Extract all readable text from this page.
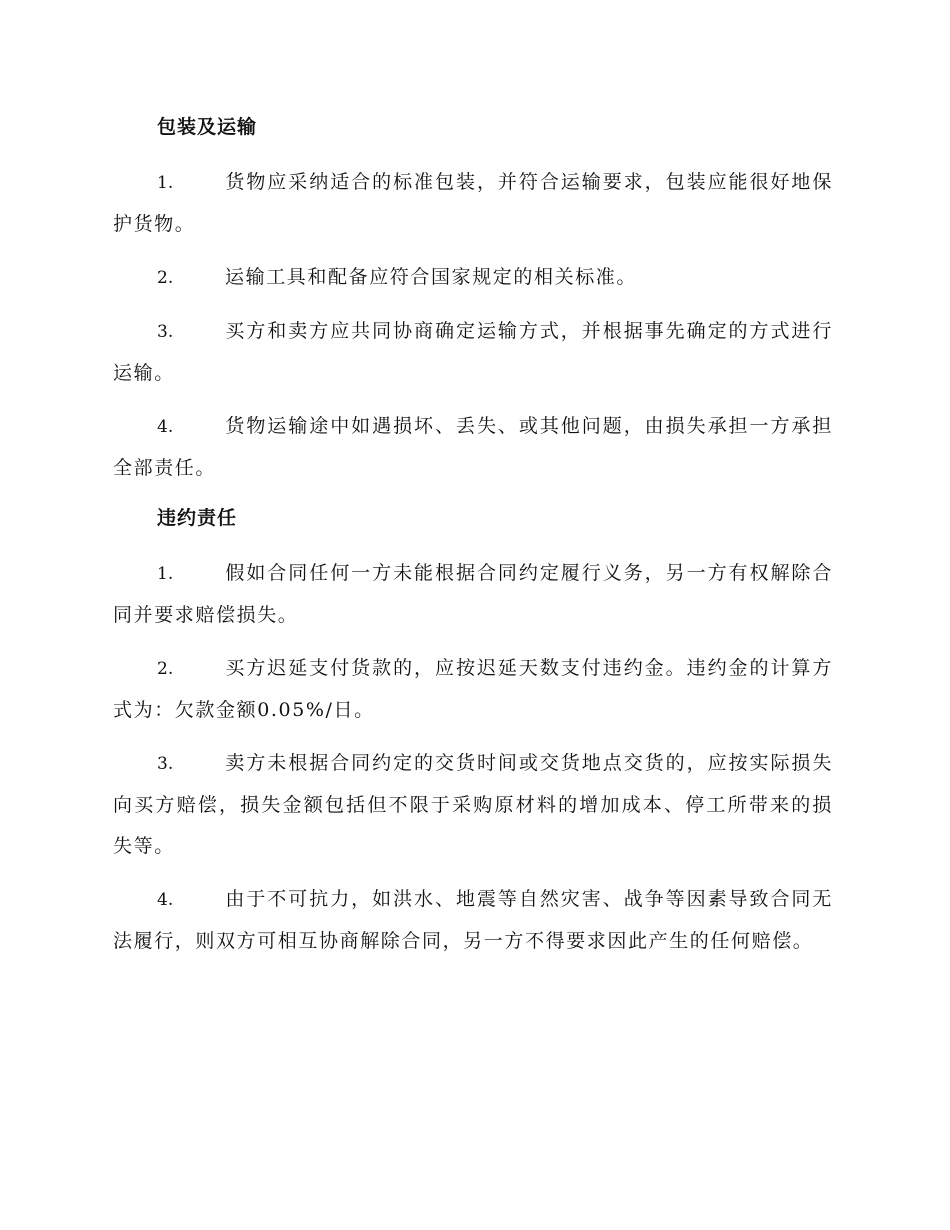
包装及运输

1.	货物应采纳适合的标准包装，并符合运输要求，包装应能很好地保护货物。

2.	运输工具和配备应符合国家规定的相关标准。

3.	买方和卖方应共同协商确定运输方式，并根据事先确定的方式进行运输。

4.	货物运输途中如遇损坏、丢失、或其他问题，由损失承担一方承担全部责任。

违约责任

1.	假如合同任何一方未能根据合同约定履行义务，另一方有权解除合同并要求赔偿损失。

2.	买方迟延支付货款的，应按迟延天数支付违约金。违约金的计算方式为：欠款金额0.05%/日。

3.	卖方未根据合同约定的交货时间或交货地点交货的，应按实际损失向买方赔偿，损失金额包括但不限于采购原材料的增加成本、停工所带来的损失等。

4.	由于不可抗力，如洪水、地震等自然灾害、战争等因素导致合同无法履行，则双方可相互协商解除合同，另一方不得要求因此产生的任何赔偿。
